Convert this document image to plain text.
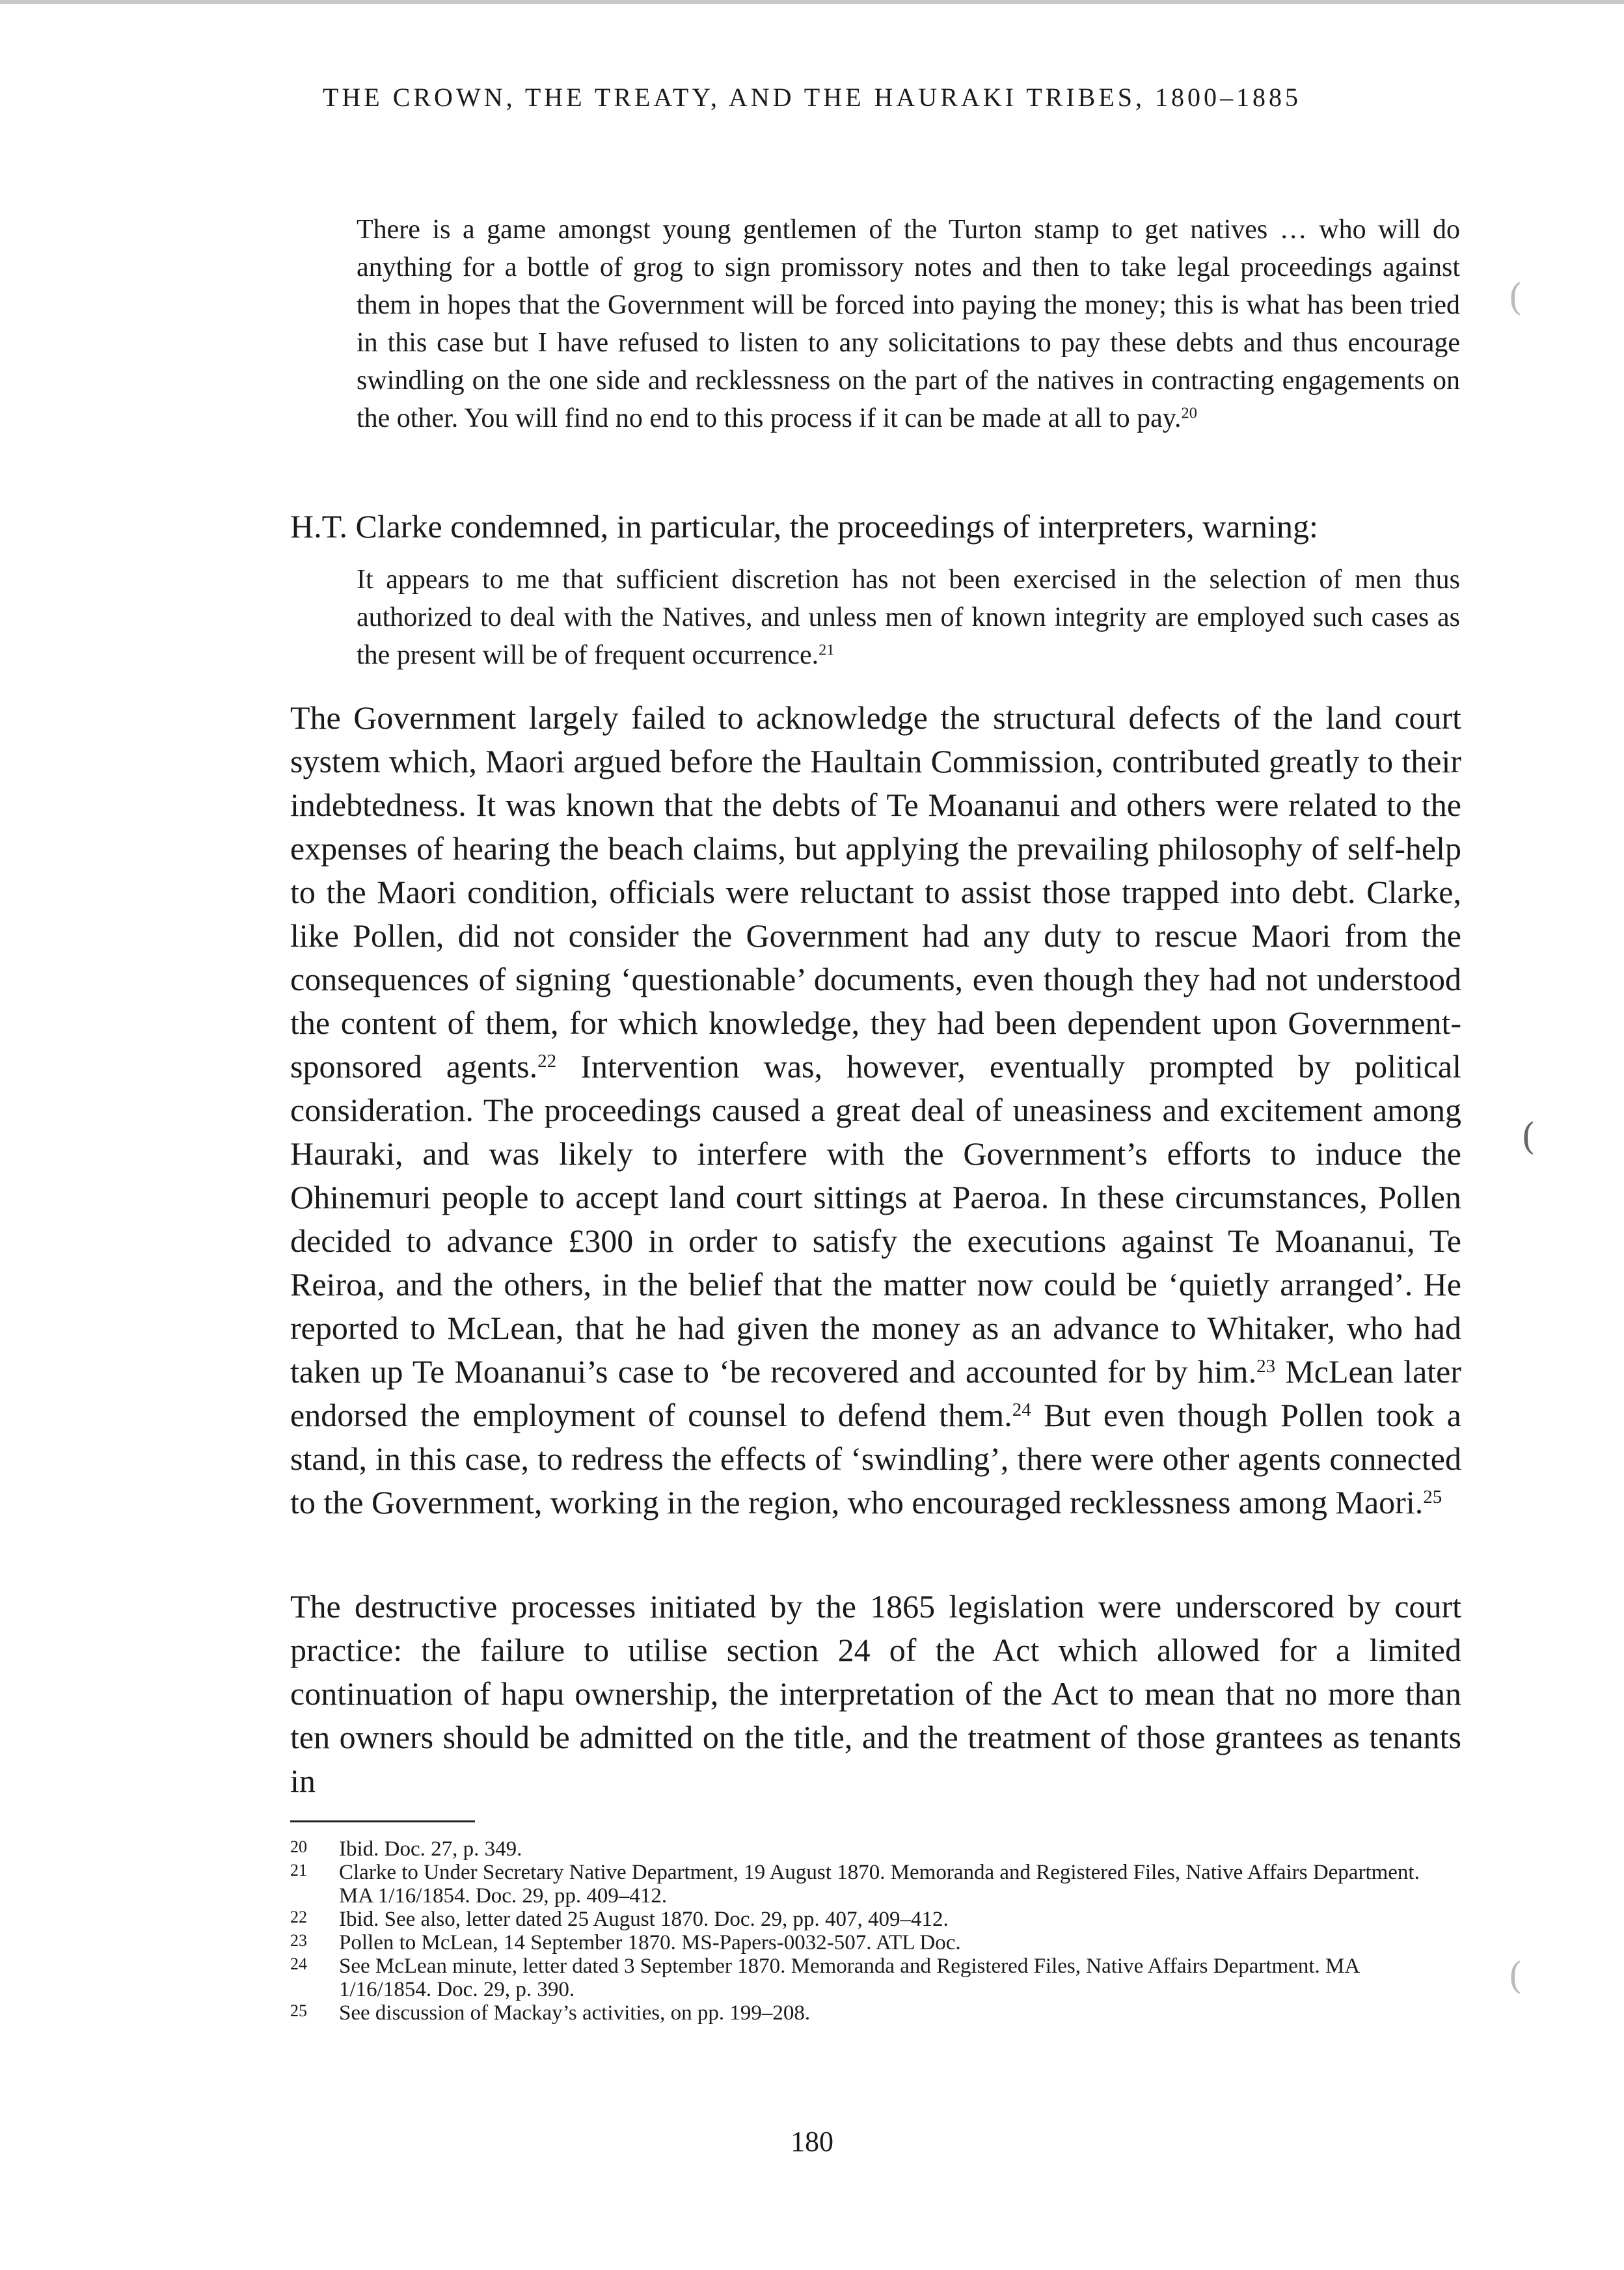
THE CROWN, THE TREATY, AND THE HAURAKI TRIBES, 1800–1885
There is a game amongst young gentlemen of the Turton stamp to get natives … who will do anything for a bottle of grog to sign promissory notes and then to take legal proceedings against them in hopes that the Government will be forced into paying the money; this is what has been tried in this case but I have refused to listen to any solicitations to pay these debts and thus encourage swindling on the one side and recklessness on the part of the natives in contracting engagements on the other. You will find no end to this process if it can be made at all to pay.$^{20}$
H.T. Clarke condemned, in particular, the proceedings of interpreters, warning:
It appears to me that sufficient discretion has not been exercised in the selection of men thus authorized to deal with the Natives, and unless men of known integrity are employed such cases as the present will be of frequent occurrence.$^{21}$
The Government largely failed to acknowledge the structural defects of the land court system which, Maori argued before the Haultain Commission, contributed greatly to their indebtedness. It was known that the debts of Te Moananui and others were related to the expenses of hearing the beach claims, but applying the prevailing philosophy of self-help to the Maori condition, officials were reluctant to assist those trapped into debt. Clarke, like Pollen, did not consider the Government had any duty to rescue Maori from the consequences of signing ‘questionable’ documents, even though they had not understood the content of them, for which knowledge, they had been dependent upon Government-sponsored agents.$^{22}$ Intervention was, however, eventually prompted by political consideration. The proceedings caused a great deal of uneasiness and excitement among Hauraki, and was likely to interfere with the Government’s efforts to induce the Ohinemuri people to accept land court sittings at Paeroa. In these circumstances, Pollen decided to advance £300 in order to satisfy the executions against Te Moananui, Te Reiroa, and the others, in the belief that the matter now could be ‘quietly arranged’. He reported to McLean, that he had given the money as an advance to Whitaker, who had taken up Te Moananui’s case to ‘be recovered and accounted for by him.$^{23}$ McLean later endorsed the employment of counsel to defend them.$^{24}$ But even though Pollen took a stand, in this case, to redress the effects of ‘swindling’, there were other agents connected to the Government, working in the region, who encouraged recklessness among Maori.$^{25}$
The destructive processes initiated by the 1865 legislation were underscored by court practice: the failure to utilise section 24 of the Act which allowed for a limited continuation of hapu ownership, the interpretation of the Act to mean that no more than ten owners should be admitted on the title, and the treatment of those grantees as tenants in
20	Ibid. Doc. 27, p. 349.
21	Clarke to Under Secretary Native Department, 19 August 1870. Memoranda and Registered Files, Native Affairs Department. MA 1/16/1854. Doc. 29, pp. 409–412.
22	Ibid. See also, letter dated 25 August 1870. Doc. 29, pp. 407, 409–412.
23	Pollen to McLean, 14 September 1870. MS-Papers-0032-507. ATL Doc.
24	See McLean minute, letter dated 3 September 1870. Memoranda and Registered Files, Native Affairs Department. MA 1/16/1854. Doc. 29, p. 390.
25	See discussion of Mackay’s activities, on pp. 199–208.
180
(
(
(
